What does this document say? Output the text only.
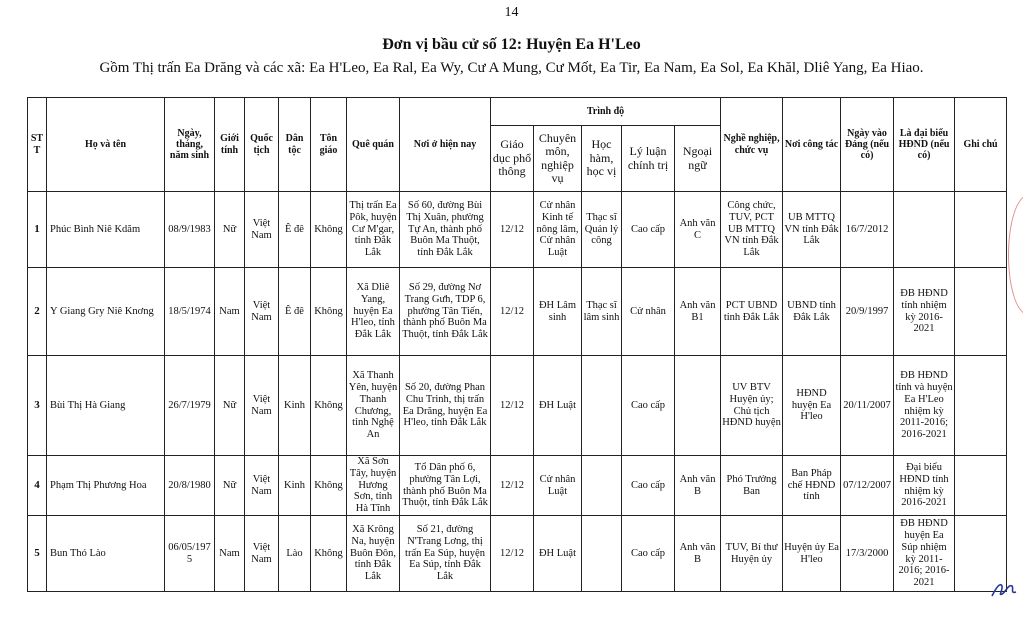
14
Đơn vị bầu cử số 12: Huyện Ea H'Leo
Gồm Thị trấn Ea Drăng và các xã: Ea H'Leo, Ea Ral, Ea Wy, Cư A Mung, Cư Mốt, Ea Tir, Ea Nam, Ea Sol, Ea Khăl, Dliê Yang, Ea Hiao.
STT	Họ và tên	Ngày, tháng, năm sinh	Giới tính	Quốc tịch	Dân tộc	Tôn giáo	Quê quán	Nơi ở hiện nay	Trình độ					Nghề nghiệp, chức vụ	Nơi công tác	Ngày vào Đảng (nếu có)	Là đại biểu HĐND (nếu có)	Ghi chú
									Giáo dục phổ thông	Chuyên môn, nghiệp vụ	Học hàm, học vị	Lý luận chính trị	Ngoại ngữ					
1	Phúc Bình Niê Kdăm	08/9/1983	Nữ	Việt Nam	Ê đê	Không	Thị trấn Ea Pôk, huyện Cư M'gar, tỉnh Đắk Lắk	Số 60, đường Bùi Thị Xuân, phường Tự An, thành phố Buôn Ma Thuột, tỉnh Đắk Lắk	12/12	Cử nhân Kinh tế nông lâm, Cử nhân Luật	Thạc sĩ Quản lý công	Cao cấp	Anh văn C	Công chức, TUV, PCT UB MTTQ VN tỉnh Đắk Lắk	UB MTTQ VN tỉnh Đắk Lắk	16/7/2012		
2	Y Giang Gry Niê Knơng	18/5/1974	Nam	Việt Nam	Ê đê	Không	Xã Dliê Yang, huyện Ea H'leo, tỉnh Đắk Lắk	Số 29, đường Nơ Trang Gưh, TDP 6, phường Tân Tiến, thành phố Buôn Ma Thuột, tỉnh Đắk Lắk	12/12	ĐH Lâm sinh	Thạc sĩ lâm sinh	Cử nhân	Anh văn B1	PCT UBND tỉnh Đắk Lắk	UBND tỉnh Đắk Lắk	20/9/1997	ĐB HĐND tỉnh nhiệm kỳ 2016-2021	
3	Bùi Thị Hà Giang	26/7/1979	Nữ	Việt Nam	Kinh	Không	Xã Thanh Yên, huyện Thanh Chương, tỉnh Nghệ An	Số 20, đường Phan Chu Trinh, thị trấn Ea Drăng, huyện Ea H'leo, tỉnh Đắk Lắk	12/12	ĐH Luật		Cao cấp		UV BTV Huyện ủy; Chủ tịch HĐND huyện	HĐND huyện Ea H'leo	20/11/2007	ĐB HĐND tỉnh và huyện Ea H'Leo nhiệm kỳ 2011-2016; 2016-2021	
4	Phạm Thị Phương Hoa	20/8/1980	Nữ	Việt Nam	Kinh	Không	Xã Sơn Tây, huyện Hương Sơn, tỉnh Hà Tĩnh	Tổ Dân phố 6, phường Tân Lợi, thành phố Buôn Ma Thuột, tỉnh Đắk Lắk	12/12	Cử nhân Luật		Cao cấp	Anh văn B	Phó Trưởng Ban	Ban Pháp chế HĐND tỉnh	07/12/2007	Đại biểu HĐND tỉnh nhiệm kỳ 2016-2021	
5	Bun Thó Lào	06/05/1975	Nam	Việt Nam	Lào	Không	Xã Krông Na, huyện Buôn Đôn, tỉnh Đắk Lắk	Số 21, đường N'Trang Lơng, thị trấn Ea Súp, huyện Ea Súp, tỉnh Đắk Lắk	12/12	ĐH Luật		Cao cấp	Anh văn B	TUV, Bí thư Huyện ủy	Huyện ủy Ea H'leo	17/3/2000	ĐB HĐND huyện Ea Súp nhiệm kỳ 2011-2016; 2016-2021	
